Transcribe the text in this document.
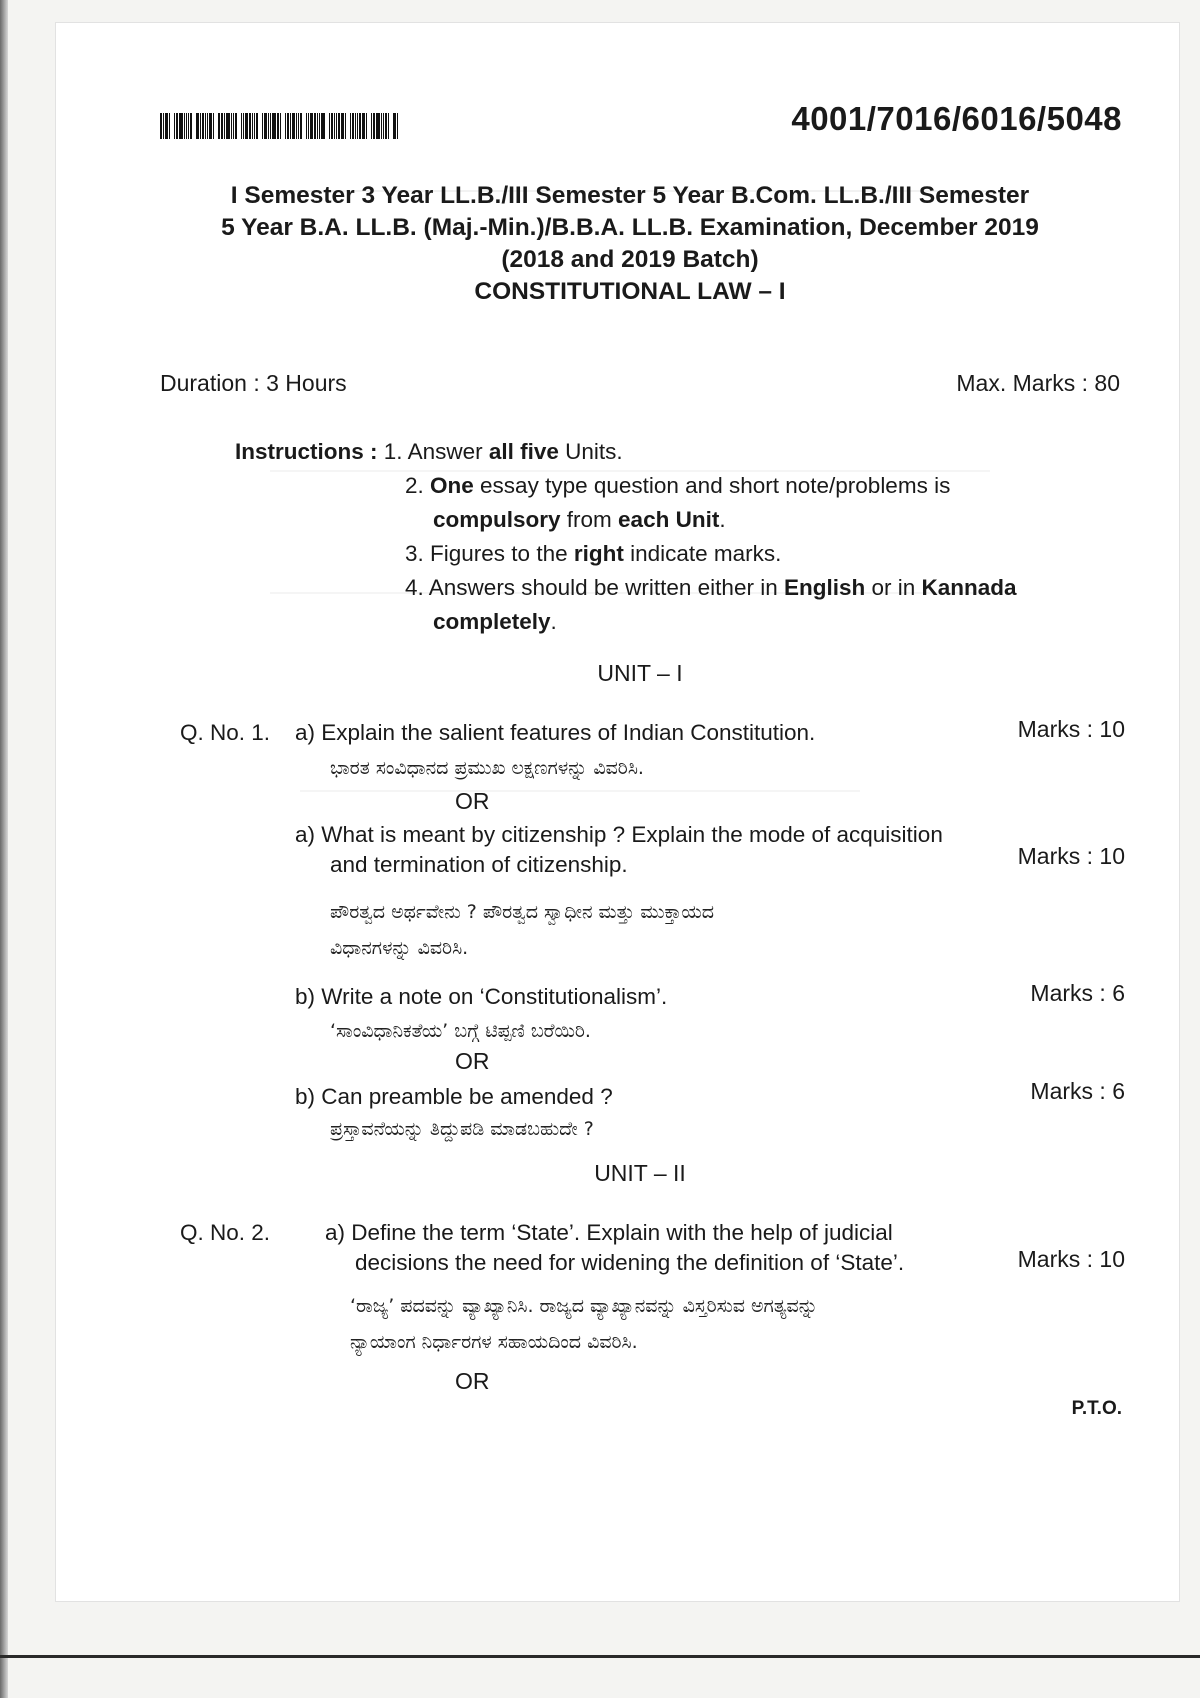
4001/7016/6016/5048
I Semester 3 Year LL.B./III Semester 5 Year B.Com. LL.B./III Semester
5 Year B.A. LL.B. (Maj.-Min.)/B.B.A. LL.B. Examination, December 2019
(2018 and 2019 Batch)
CONSTITUTIONAL LAW – I
Duration : 3 Hours	Max. Marks : 80
Instructions : 1. Answer all five Units.
2. One essay type question and short note/problems is
compulsory from each Unit.
3. Figures to the right indicate marks.
4. Answers should be written either in English or in Kannada
completely.
UNIT – I
Q. No. 1. a) Explain the salient features of Indian Constitution.	Marks : 10
ಭಾರತ ಸಂವಿಧಾನದ ಪ್ರಮುಖ ಲಕ್ಷಣಗಳನ್ನು ವಿವರಿಸಿ.
OR
a) What is meant by citizenship ? Explain the mode of acquisition
and termination of citizenship.	Marks : 10
ಪೌರತ್ವದ ಅರ್ಥವೇನು ? ಪೌರತ್ವದ ಸ್ವಾಧೀನ ಮತ್ತು ಮುಕ್ತಾಯದ
ವಿಧಾನಗಳನ್ನು ವಿವರಿಸಿ.
b) Write a note on ‘Constitutionalism’.	Marks : 6
‘ಸಾಂವಿಧಾನಿಕತೆಯ’ ಬಗ್ಗೆ ಟಿಪ್ಪಣಿ ಬರೆಯಿರಿ.
OR
b) Can preamble be amended ?	Marks : 6
ಪ್ರಸ್ತಾವನೆಯನ್ನು ತಿದ್ದುಪಡಿ ಮಾಡಬಹುದೇ ?
UNIT – II
Q. No. 2. a) Define the term ‘State’. Explain with the help of judicial
decisions the need for widening the definition of ‘State’.	Marks : 10
‘ರಾಜ್ಯ’ ಪದವನ್ನು ವ್ಯಾಖ್ಯಾನಿಸಿ. ರಾಜ್ಯದ ವ್ಯಾಖ್ಯಾನವನ್ನು ವಿಸ್ತರಿಸುವ ಅಗತ್ಯವನ್ನು
ನ್ಯಾಯಾಂಗ ನಿರ್ಧಾರಗಳ ಸಹಾಯದಿಂದ ವಿವರಿಸಿ.
OR
P.T.O.
